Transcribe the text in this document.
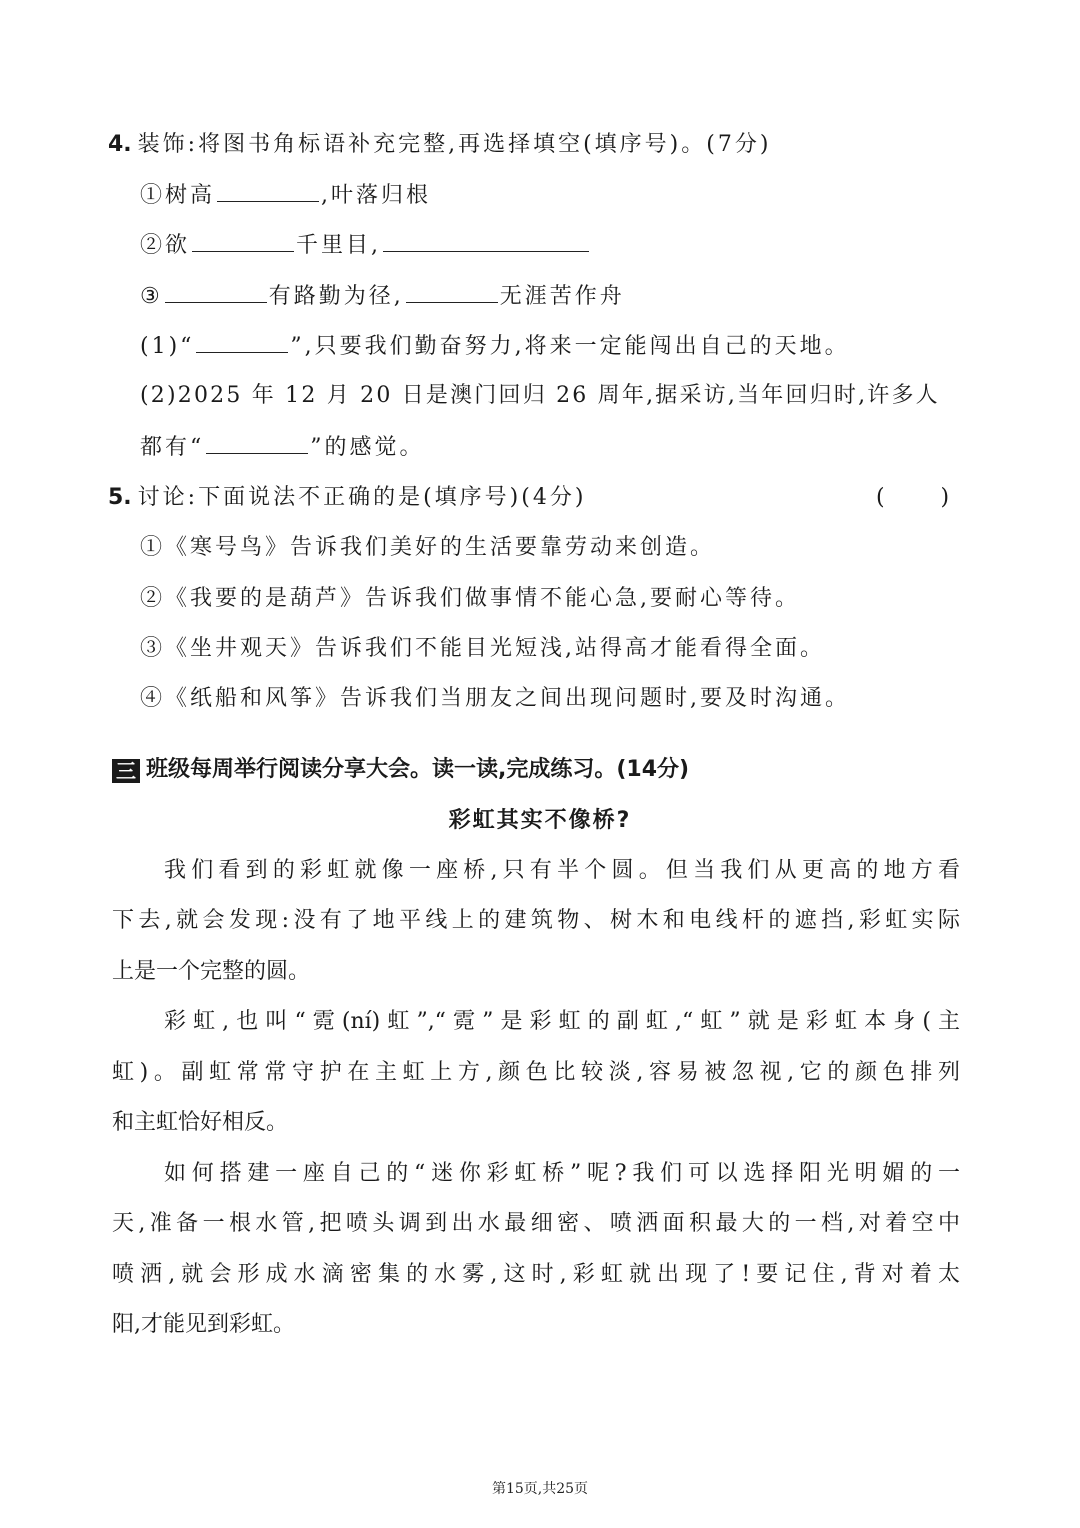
4. 装饰:将图书角标语补充完整,再选择填空(填序号)。(7分)
①树高	,叶落归根
②欲	千里目,
③	有路勤为径,	无涯苦作舟
(1)“	”,只要我们勤奋努力,将来一定能闯出自己的天地。
(2)2025 年 12 月 20 日是澳门回归 26 周年,据采访,当年回归时,许多人
都有“	”的感觉。
5. 讨论:下面说法不正确的是(填序号)(4分)	(        )
①《寒号鸟》告诉我们美好的生活要靠劳动来创造。
②《我要的是葫芦》告诉我们做事情不能心急,要耐心等待。
③《坐井观天》告诉我们不能目光短浅,站得高才能看得全面。
④《纸船和风筝》告诉我们当朋友之间出现问题时,要及时沟通。
三 班级每周举行阅读分享大会。读一读,完成练习。(14分)
彩虹其实不像桥?
我们看到的彩虹就像一座桥,只有半个圆。但当我们从更高的地方看
下去,就会发现:没有了地平线上的建筑物、树木和电线杆的遮挡,彩虹实际
上是一个完整的圆。
彩虹,也叫“霓(ní)虹”,“霓”是彩虹的副虹,“虹”就是彩虹本身(主
虹)。副虹常常守护在主虹上方,颜色比较淡,容易被忽视,它的颜色排列
和主虹恰好相反。
如何搭建一座自己的“迷你彩虹桥”呢?我们可以选择阳光明媚的一
天,准备一根水管,把喷头调到出水最细密、喷洒面积最大的一档,对着空中
喷洒,就会形成水滴密集的水雾,这时,彩虹就出现了!要记住,背对着太
阳,才能见到彩虹。
第15页,共25页
